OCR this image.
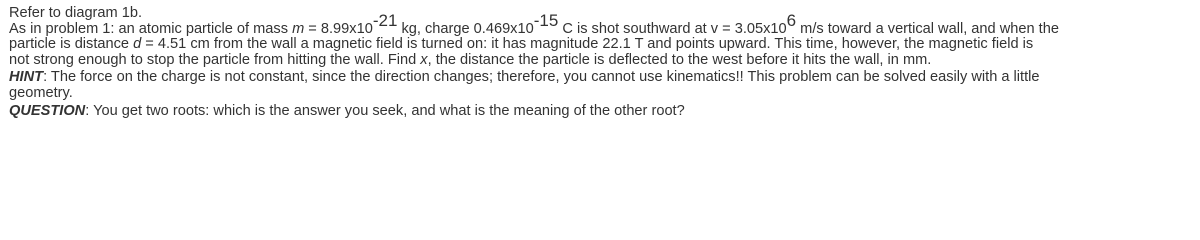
Refer to diagram 1b.
As in problem 1: an atomic particle of mass $m = 8.99x10^{-21}$ kg, charge $0.469x10^{-15}$ C is shot southward at $v = 3.05x10^6$ m/s toward a vertical wall, and when the
particle is distance d = 4.51 cm from the wall a magnetic field is turned on: it has magnitude 22.1 T and points upward. This time, however, the magnetic field is
not strong enough to stop the particle from hitting the wall. Find x, the distance the particle is deflected to the west before it hits the wall, in mm.
HINT: The force on the charge is not constant, since the direction changes; therefore, you cannot use kinematics!! This problem can be solved easily with a little
geometry.
QUESTION: You get two roots: which is the answer you seek, and what is the meaning of the other root?
